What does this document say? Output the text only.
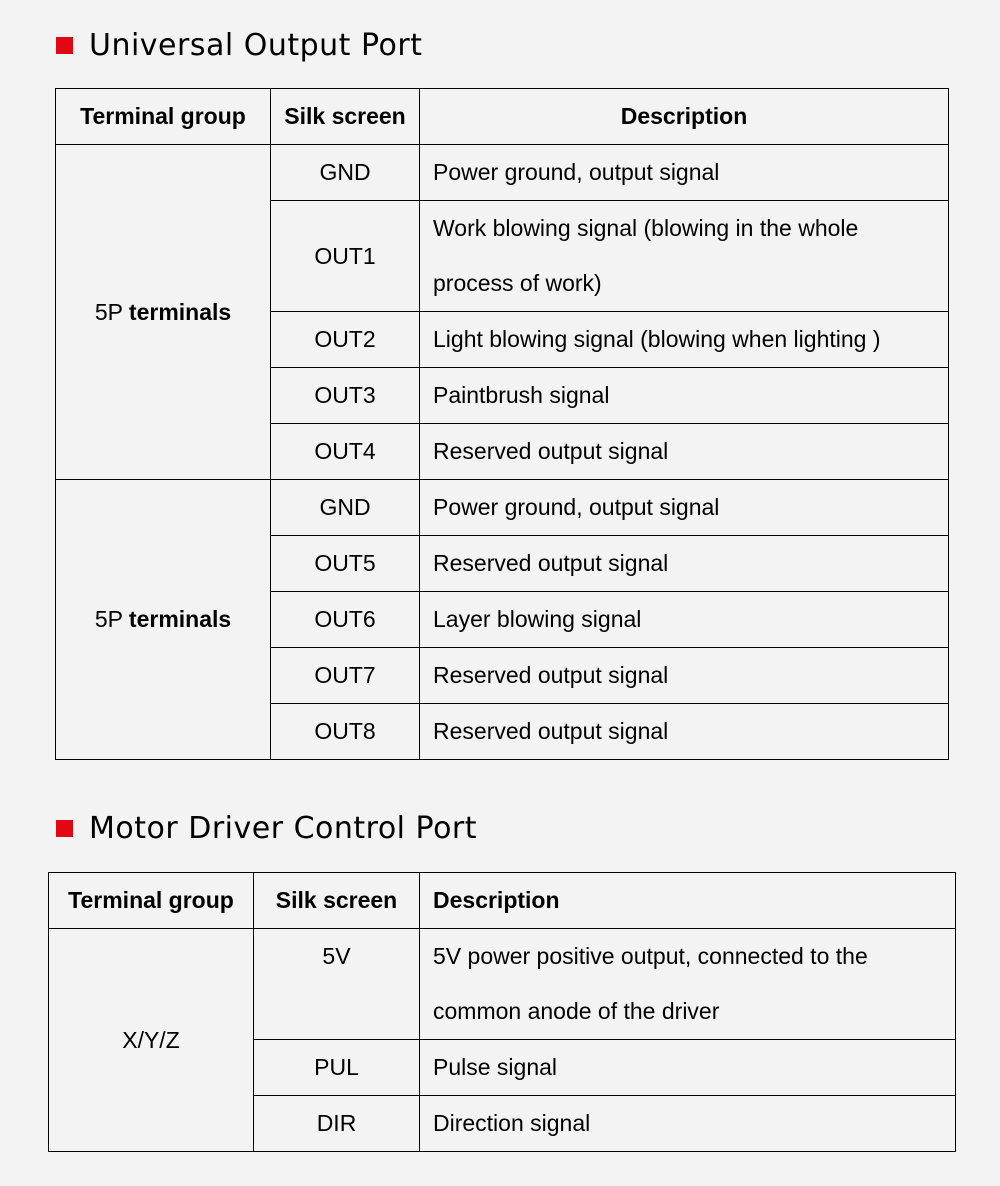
Universal Output Port
Terminal group	Silk screen	Description
5P terminals	GND	Power ground, output signal
	OUT1	Work blowing signal (blowing in the whole process of work)
	OUT2	Light blowing signal (blowing when lighting )
	OUT3	Paintbrush signal
	OUT4	Reserved output signal
5P terminals	GND	Power ground, output signal
	OUT5	Reserved output signal
	OUT6	Layer blowing signal
	OUT7	Reserved output signal
	OUT8	Reserved output signal
Motor Driver Control Port
Terminal group	Silk screen	Description
X/Y/Z	5V	5V power positive output, connected to the common anode of the driver
	PUL	Pulse signal
	DIR	Direction signal
